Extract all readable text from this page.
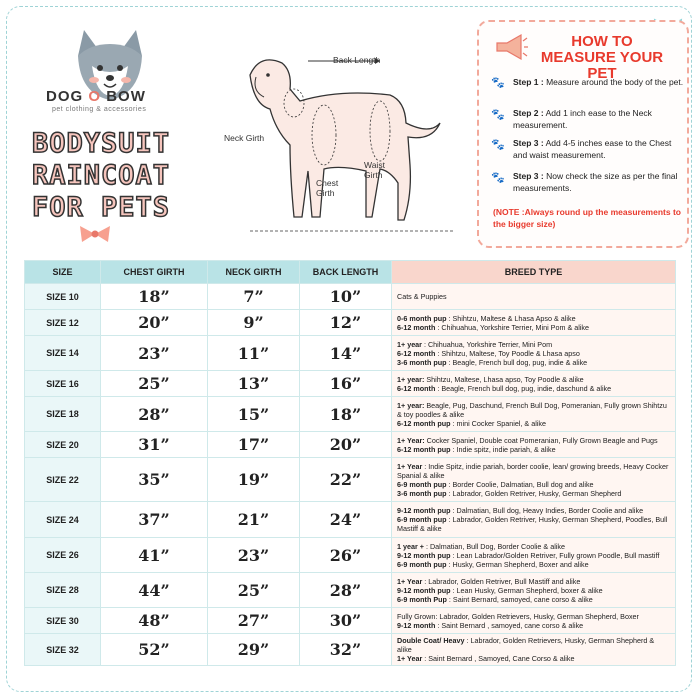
DOG O BOW
pet clothing & accessories
BODYSUIT
RAINCOAT
FOR PETS
Back Length
Neck Girth
Chest Girth
Waist Girth
HOW TO MEASURE YOUR PET
🐾 Step 1 : Measure around the body of the pet.
🐾 Step 2 : Add 1 inch ease to the Neck measurement.
🐾 Step 3 : Add 4-5 inches ease to the Chest and waist measurement.
🐾 Step 3 : Now check the size as per the final measurements.
(NOTE :Always round up the measurements to the bigger size)
SIZE	CHEST GIRTH	NECK GIRTH	BACK LENGTH	BREED TYPE
SIZE 10	18”	7”	10”	Cats & Puppies

SIZE 12	20”	9”	12”	0-6 month pup : Shihtzu, Maltese & Lhasa Apso & alike
6-12 month : Chihuahua, Yorkshire Terrier, Mini Pom & alike

SIZE 14	23”	11”	14”	1+ year : Chihuahua, Yorkshire Terrier, Mini Pom
6-12 month : Shihtzu, Maltese, Toy Poodle & Lhasa apso
3-6 month pup : Beagle, French bull dog, pug, indie & alike

SIZE 16	25”	13”	16”	1+ year: Shihtzu, Maltese, Lhasa apso, Toy Poodle & alike
6-12 month : Beagle, French bull dog, pug, indie, daschund & alike

SIZE 18	28”	15”	18”	1+ year: Beagle, Pug, Daschund, French Bull Dog, Pomeranian, Fully grown Shihtzu & toy poodles & alike
6-12 month pup : mini Cocker Spaniel, & alike

SIZE 20	31”	17”	20”	1+ Year: Cocker Spaniel, Double coat Pomeranian, Fully Grown Beagle and Pugs
6-12 month pup : Indie spitz, indie pariah, & alike

SIZE 22	35”	19”	22”	1+ Year : Indie Spitz, indie pariah, border coolie, lean/ growing breeds, Heavy Cocker Spanial & alike
6-9 month pup : Border Coolie, Dalmatian, Bull dog and alike
3-6 month pup : Labrador, Golden Retriver, Husky, German Shepherd

SIZE 24	37”	21”	24”	9-12 month pup : Dalmatian, Bull dog, Heavy Indies, Border Coolie and alike
6-9 month pup : Labrador, Golden Retriver, Husky, German Shepherd, Poodles, Bull Mastiff & alike

SIZE 26	41”	23”	26”	1 year + : Dalmatian, Bull Dog, Border Coolie & alike
9-12 month pup : Lean Labrador/Golden Retriver, Fully grown Poodle, Bull mastiff
6-9 month pup : Husky, German Shepherd, Boxer and alike

SIZE 28	44”	25”	28”	1+ Year : Labrador, Golden Retriver, Bull Mastiff and alike
9-12 month pup : Lean Husky, German Shepherd, boxer & alike
6-9 month Pup : Saint Bernard, samoyed, cane corso & alike

SIZE 30	48”	27”	30”	Fully Grown: Labrador, Golden Retrievers, Husky, German Shepherd, Boxer
9-12 month : Saint Bernard , samoyed, cane corso & alike

SIZE 32	52”	29”	32”	Double Coat/ Heavy : Labrador, Golden Retrievers, Husky, German Shepherd & alike
1+ Year : Saint Bernard , Samoyed, Cane Corso & alike
